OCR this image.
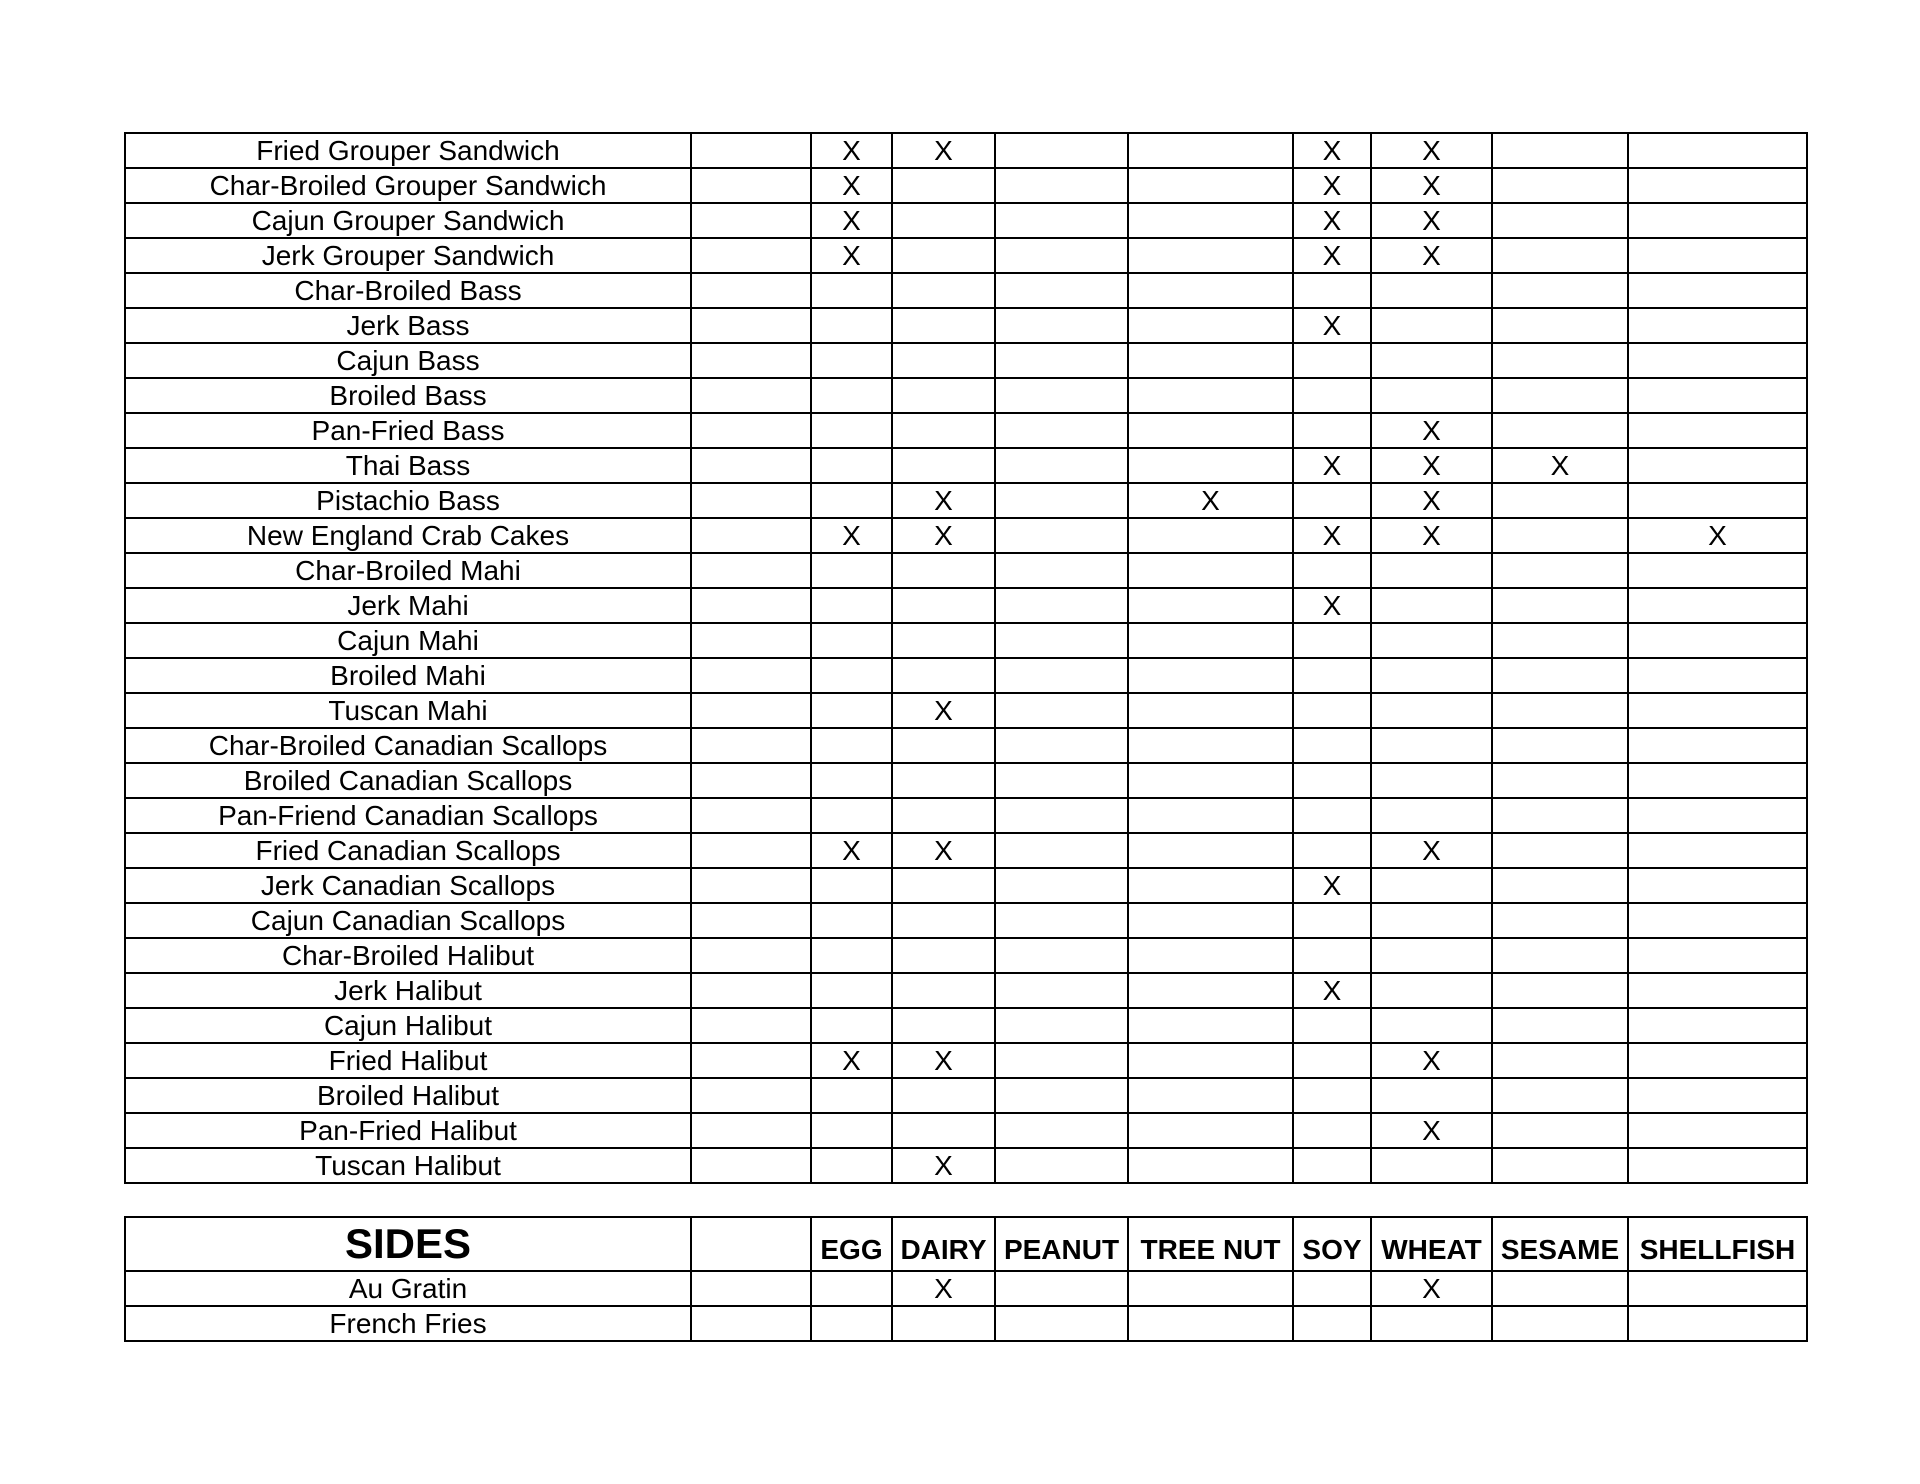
Fried Grouper Sandwich		X	X			X	X		
Char-Broiled Grouper Sandwich		X				X	X		
Cajun Grouper Sandwich		X				X	X		
Jerk Grouper Sandwich		X				X	X		
Char-Broiled Bass									
Jerk Bass						X			
Cajun Bass									
Broiled Bass									
Pan-Fried Bass							X		
Thai Bass						X	X	X	
Pistachio Bass			X		X		X		
New England Crab Cakes		X	X			X	X		X
Char-Broiled Mahi									
Jerk Mahi						X			
Cajun Mahi									
Broiled Mahi									
Tuscan Mahi			X						
Char-Broiled Canadian Scallops									
Broiled Canadian Scallops									
Pan-Friend Canadian Scallops									
Fried Canadian Scallops		X	X				X		
Jerk Canadian Scallops						X			
Cajun Canadian Scallops									
Char-Broiled Halibut									
Jerk Halibut						X			
Cajun Halibut									
Fried Halibut		X	X				X		
Broiled Halibut									
Pan-Fried Halibut							X		
Tuscan Halibut			X						
SIDES		EGG	DAIRY	PEANUT	TREE NUT	SOY	WHEAT	SESAME	SHELLFISH
Au Gratin			X				X		
French Fries									
